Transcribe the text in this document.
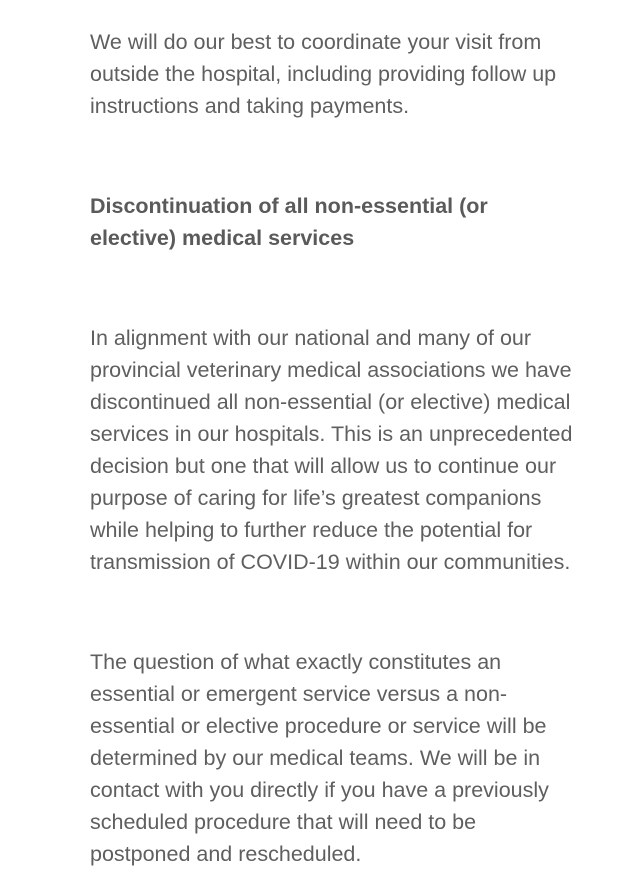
We will do our best to coordinate your visit from
outside the hospital, including providing follow up
instructions and taking payments.

Discontinuation of all non-essential (or
elective) medical services

In alignment with our national and many of our
provincial veterinary medical associations we have
discontinued all non-essential (or elective) medical
services in our hospitals. This is an unprecedented
decision but one that will allow us to continue our
purpose of caring for life’s greatest companions
while helping to further reduce the potential for
transmission of COVID-19 within our communities.

The question of what exactly constitutes an
essential or emergent service versus a non-
essential or elective procedure or service will be
determined by our medical teams. We will be in
contact with you directly if you have a previously
scheduled procedure that will need to be
postponed and rescheduled.
